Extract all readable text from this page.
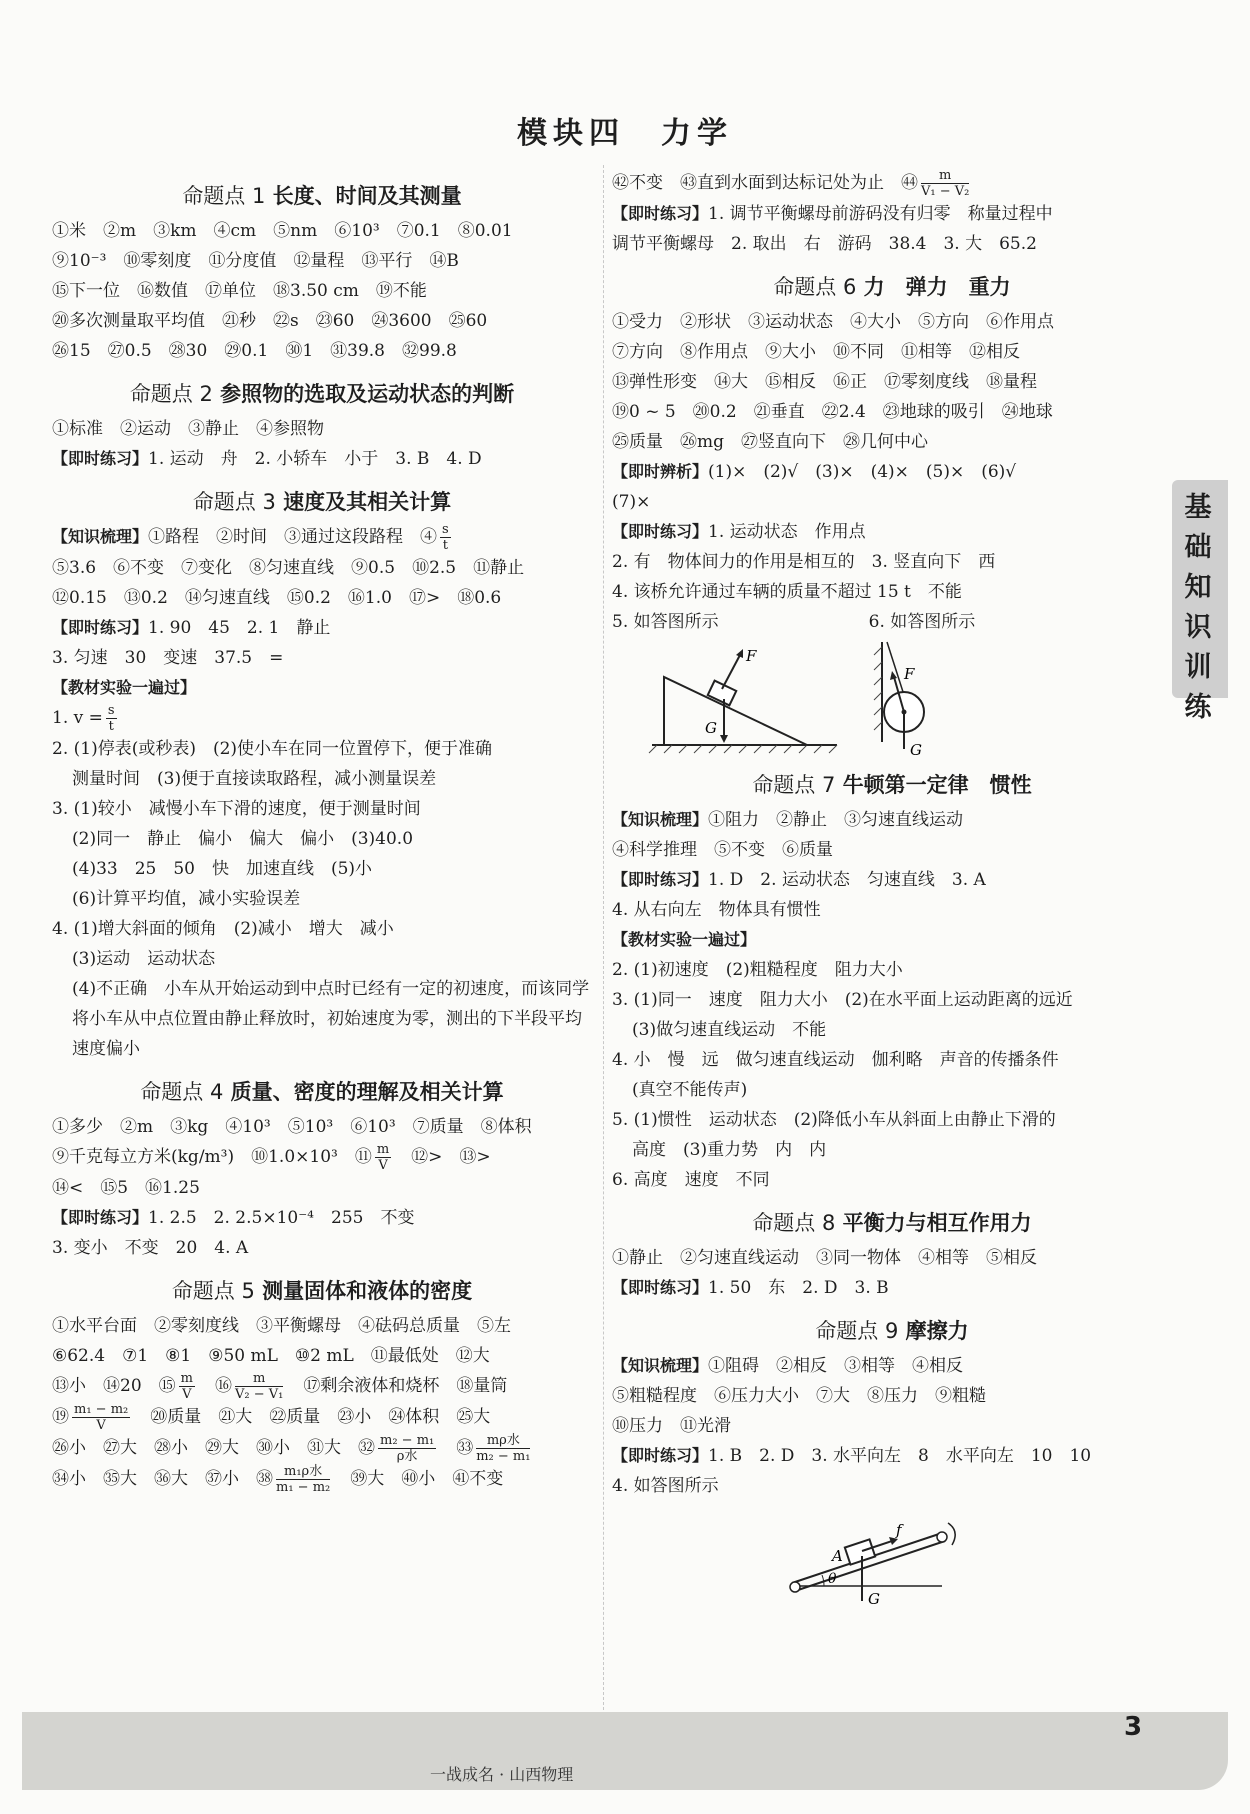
模块四　力学
命题点 1 长度、时间及其测量
①米　②m　③km　④cm　⑤nm　⑥10³　⑦0.1　⑧0.01
⑨10⁻³　⑩零刻度　⑪分度值　⑫量程　⑬平行　⑭B
⑮下一位　⑯数值　⑰单位　⑱3.50 cm　⑲不能
⑳多次测量取平均值　㉑秒　㉒s　㉓60　㉔3600　㉕60
㉖15　㉗0.5　㉘30　㉙0.1　㉚1　㉛39.8　㉜99.8
命题点 2 参照物的选取及运动状态的判断
①标准　②运动　③静止　④参照物
【即时练习】1. 运动　舟　2. 小轿车　小于　3. B　4. D
命题点 3 速度及其相关计算
【知识梳理】①路程　②时间　③通过这段路程　④ $\frac{s}{t}$
⑤3.6　⑥不变　⑦变化　⑧匀速直线　⑨0.5　⑩2.5　⑪静止
⑫0.15　⑬0.2　⑭匀速直线　⑮0.2　⑯1.0　⑰>　⑱0.6
【即时练习】1. 90　45　2. 1　静止
3. 匀速　30　变速　37.5　=
【教材实验一遍过】
1. $v = \frac{s}{t}$
2. (1)停表(或秒表)　(2)使小车在同一位置停下，便于准确
测量时间　(3)便于直接读取路程，减小测量误差
3. (1)较小　减慢小车下滑的速度，便于测量时间
(2)同一　静止　偏小　偏大　偏小　(3)40.0
(4)33　25　50　快　加速直线　(5)小
(6)计算平均值，减小实验误差
4. (1)增大斜面的倾角　(2)减小　增大　减小
(3)运动　运动状态
(4)不正确　小车从开始运动到中点时已经有一定的初速度，而该同学将小车从中点位置由静止释放时，初始速度为零，测出的下半段平均速度偏小
命题点 4 质量、密度的理解及相关计算
①多少　②m　③kg　④10³　⑤10³　⑥10³　⑦质量　⑧体积
⑨千克每立方米(kg/m³)　⑩1.0×10³　⑪ $\frac{m}{V}$ 　⑫>　⑬>
⑭<　⑮5　⑯1.25
【即时练习】1. 2.5　2. 2.5×10⁻⁴　255　不变
3. 变小　不变　20　4. A
命题点 5 测量固体和液体的密度
①水平台面　②零刻度线　③平衡螺母　④砝码总质量　⑤左
⑥62.4　⑦1　⑧1　⑨50 mL　⑩2 mL　⑪最低处　⑫大
⑬小　⑭20　⑮ $\frac{m}{V}$ 　⑯ $\frac{m}{\text{V₂ − V₁}}$ 　⑰剩余液体和烧杯　⑱量筒
⑲ $\frac{\text{m₁ − m₂}}{V}$ 　⑳质量　㉑大　㉒质量　㉓小　㉔体积　㉕大
㉖小　㉗大　㉘小　㉙大　㉚小　㉛大　㉜ $\frac{\text{m₂ − m₁}}{\text{ρ水}}$ 　㉝ $\frac{\text{mρ水}}{\text{m₂ − m₁}}$
㉞小　㉟大　㊱大　㊲小　㊳ $\frac{\text{m₁ρ水}}{\text{m₁ − m₂}}$ 　㊴大　㊵小　㊶不变
㊷不变　㊸直到水面到达标记处为止　㊹ $\frac{m}{\text{V₁ − V₂}}$
【即时练习】1. 调节平衡螺母前游码没有归零　称量过程中
调节平衡螺母　2. 取出　右　游码　38.4　3. 大　65.2
命题点 6 力　弹力　重力
①受力　②形状　③运动状态　④大小　⑤方向　⑥作用点
⑦方向　⑧作用点　⑨大小　⑩不同　⑪相等　⑫相反
⑬弹性形变　⑭大　⑮相反　⑯正　⑰零刻度线　⑱量程
⑲0 ~ 5　⑳0.2　㉑垂直　㉒2.4　㉓地球的吸引　㉔地球
㉕质量　㉖mg　㉗竖直向下　㉘几何中心
【即时辨析】(1)×　(2)√　(3)×　(4)×　(5)×　(6)√
(7)×
【即时练习】1. 运动状态　作用点
2. 有　物体间力的作用是相互的　3. 竖直向下　西
4. 该桥允许通过车辆的质量不超过 15 t　不能
5. 如答图所示	6. 如答图所示
F
G
F
G
命题点 7 牛顿第一定律　惯性
【知识梳理】①阻力　②静止　③匀速直线运动
④科学推理　⑤不变　⑥质量
【即时练习】1. D　2. 运动状态　匀速直线　3. A
4. 从右向左　物体具有惯性
【教材实验一遍过】
2. (1)初速度　(2)粗糙程度　阻力大小
3. (1)同一　速度　阻力大小　(2)在水平面上运动距离的远近
(3)做匀速直线运动　不能
4. 小　慢　远　做匀速直线运动　伽利略　声音的传播条件
(真空不能传声)
5. (1)惯性　运动状态　(2)降低小车从斜面上由静止下滑的
高度　(3)重力势　内　内
6. 高度　速度　不同
命题点 8 平衡力与相互作用力
①静止　②匀速直线运动　③同一物体　④相等　⑤相反
【即时练习】1. 50　东　2. D　3. B
命题点 9 摩擦力
【知识梳理】①阻碍　②相反　③相等　④相反
⑤粗糙程度　⑥压力大小　⑦大　⑧压力　⑨粗糙
⑩压力　⑪光滑
【即时练习】1. B　2. D　3. 水平向左　8　水平向左　10　10
4. 如答图所示
A
f
θ
G
基
础
知
识
训
练
一战成名 · 山西物理
3
